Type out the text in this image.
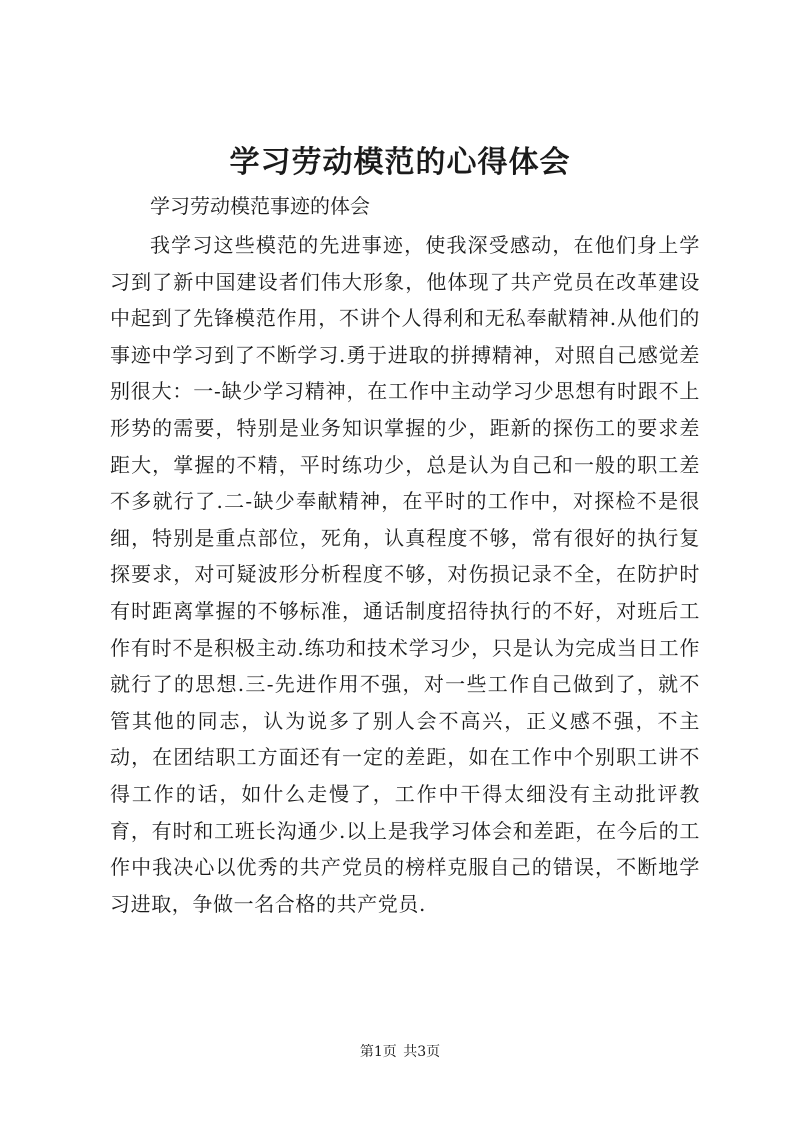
学习劳动模范的心得体会
学习劳动模范事迹的体会

我学习这些模范的先进事迹，使我深受感动，在他们身上学习到了新中国建设者们伟大形象，他体现了共产党员在改革建设中起到了先锋模范作用，不讲个人得利和无私奉献精神.从他们的事迹中学习到了不断学习.勇于进取的拼搏精神，对照自己感觉差别很大：一-缺少学习精神，在工作中主动学习少思想有时跟不上形势的需要，特别是业务知识掌握的少，距新的探伤工的要求差距大，掌握的不精，平时练功少，总是认为自己和一般的职工差不多就行了.二-缺少奉献精神，在平时的工作中，对探检不是很细，特别是重点部位，死角，认真程度不够，常有很好的执行复探要求，对可疑波形分析程度不够，对伤损记录不全，在防护时有时距离掌握的不够标准，通话制度招待执行的不好，对班后工作有时不是积极主动.练功和技术学习少，只是认为完成当日工作就行了的思想.三-先进作用不强，对一些工作自己做到了，就不管其他的同志，认为说多了别人会不高兴，正义感不强，不主动，在团结职工方面还有一定的差距，如在工作中个别职工讲不得工作的话，如什么走慢了，工作中干得太细没有主动批评教育，有时和工班长沟通少.以上是我学习体会和差距，在今后的工作中我决心以优秀的共产党员的榜样克服自己的错误，不断地学习进取，争做一名合格的共产党员.

第1页 共3页
